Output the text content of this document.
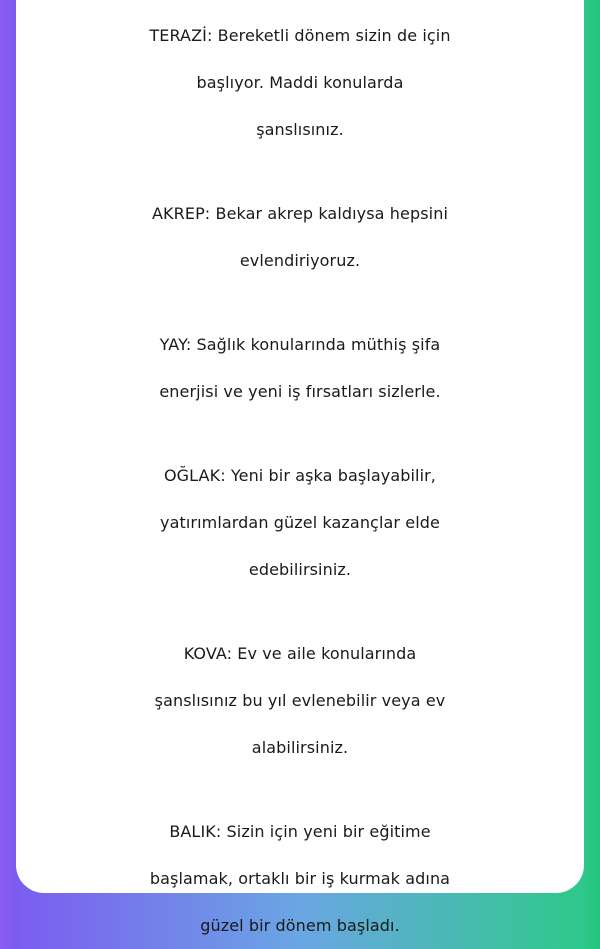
TERAZİ: Bereketli dönem sizin de için
başlıyor. Maddi konularda
şanslısınız.
AKREP: Bekar akrep kaldıysa hepsini
evlendiriyoruz.
YAY: Sağlık konularında müthiş şifa
enerjisi ve yeni iş fırsatları sizlerle.
OĞLAK: Yeni bir aşka başlayabilir,
yatırımlardan güzel kazançlar elde
edebilirsiniz.
KOVA: Ev ve aile konularında
şanslısınız bu yıl evlenebilir veya ev
alabilirsiniz.
BALIK: Sizin için yeni bir eğitime
başlamak, ortaklı bir iş kurmak adına
güzel bir dönem başladı.
